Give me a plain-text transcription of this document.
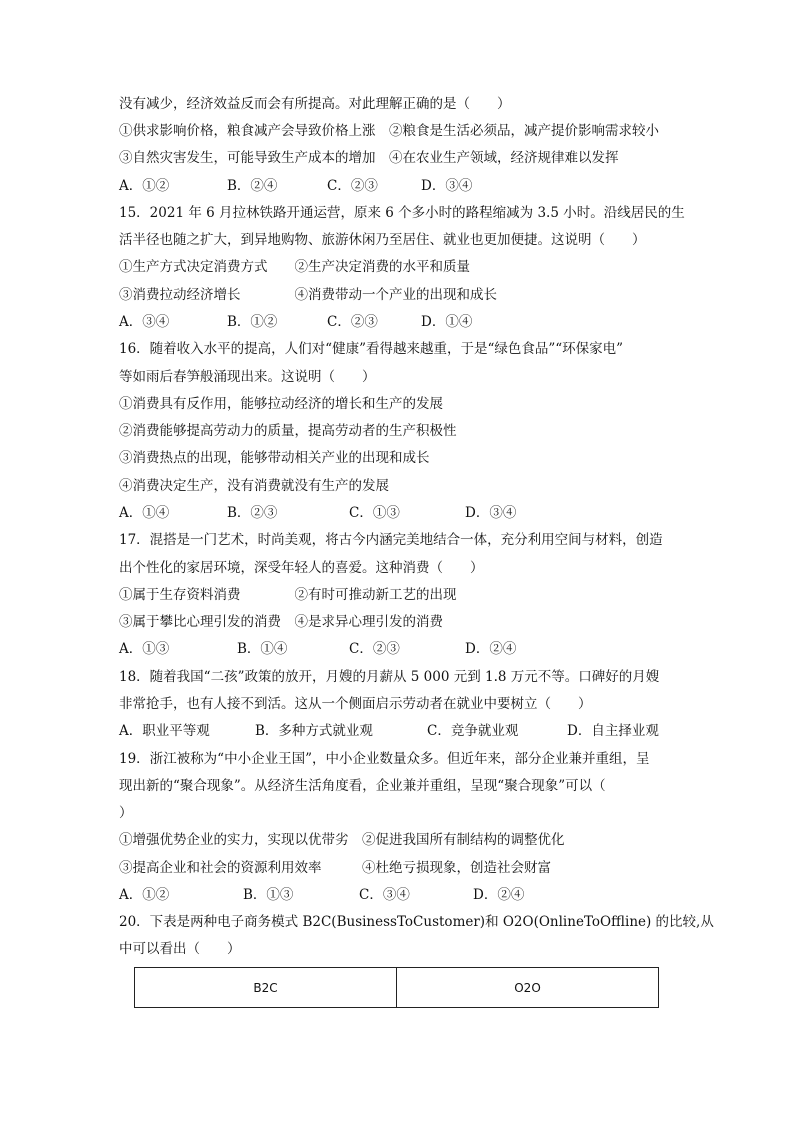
没有减少，经济效益反而会有所提高。对此理解正确的是（　　）
①供求影响价格，粮食减产会导致价格上涨　②粮食是生活必须品，减产提价影响需求较小
③自然灾害发生，可能导致生产成本的增加　④在农业生产领域，经济规律难以发挥
A．①②	B．②④	C．②③	D．③④
15．2021 年 6 月拉林铁路开通运营，原来 6 个多小时的路程缩减为 3.5 小时。沿线居民的生
活半径也随之扩大，到异地购物、旅游休闲乃至居住、就业也更加便捷。这说明（　　）
①生产方式决定消费方式　　②生产决定消费的水平和质量
③消费拉动经济增长　　　　④消费带动一个产业的出现和成长
A．③④	B．①②	C．②③	D．①④
16．随着收入水平的提高，人们对“健康”看得越来越重，于是“绿色食品”“环保家电”
等如雨后春笋般涌现出来。这说明（　　）
①消费具有反作用，能够拉动经济的增长和生产的发展
②消费能够提高劳动力的质量，提高劳动者的生产积极性
③消费热点的出现，能够带动相关产业的出现和成长
④消费决定生产，没有消费就没有生产的发展
A．①④	B．②③	C．①③	D．③④
17．混搭是一门艺术，时尚美观，将古今内涵完美地结合一体，充分利用空间与材料，创造
出个性化的家居环境，深受年轻人的喜爱。这种消费（　　）
①属于生存资料消费　　　　②有时可推动新工艺的出现
③属于攀比心理引发的消费　④是求异心理引发的消费
A．①③	B．①④	C．②③	D．②④
18．随着我国“二孩”政策的放开，月嫂的月薪从 5 000 元到 1.8 万元不等。口碑好的月嫂
非常抢手，也有人接不到活。这从一个侧面启示劳动者在就业中要树立（　　）
A．职业平等观	B．多种方式就业观	C．竞争就业观	D．自主择业观
19．浙江被称为“中小企业王国”，中小企业数量众多。但近年来，部分企业兼并重组，呈
现出新的“聚合现象”。从经济生活角度看，企业兼并重组，呈现“聚合现象”可以（
）
①增强优势企业的实力，实现以优带劣　②促进我国所有制结构的调整优化
③提高企业和社会的资源利用效率　　　④杜绝亏损现象，创造社会财富
A．①②	B．①③	C．③④	D．②④
20．下表是两种电子商务模式 B2C(BusinessToCustomer)和 O2O(OnlineToOffline) 的比较,从
中可以看出（　　）
B2C	O2O
